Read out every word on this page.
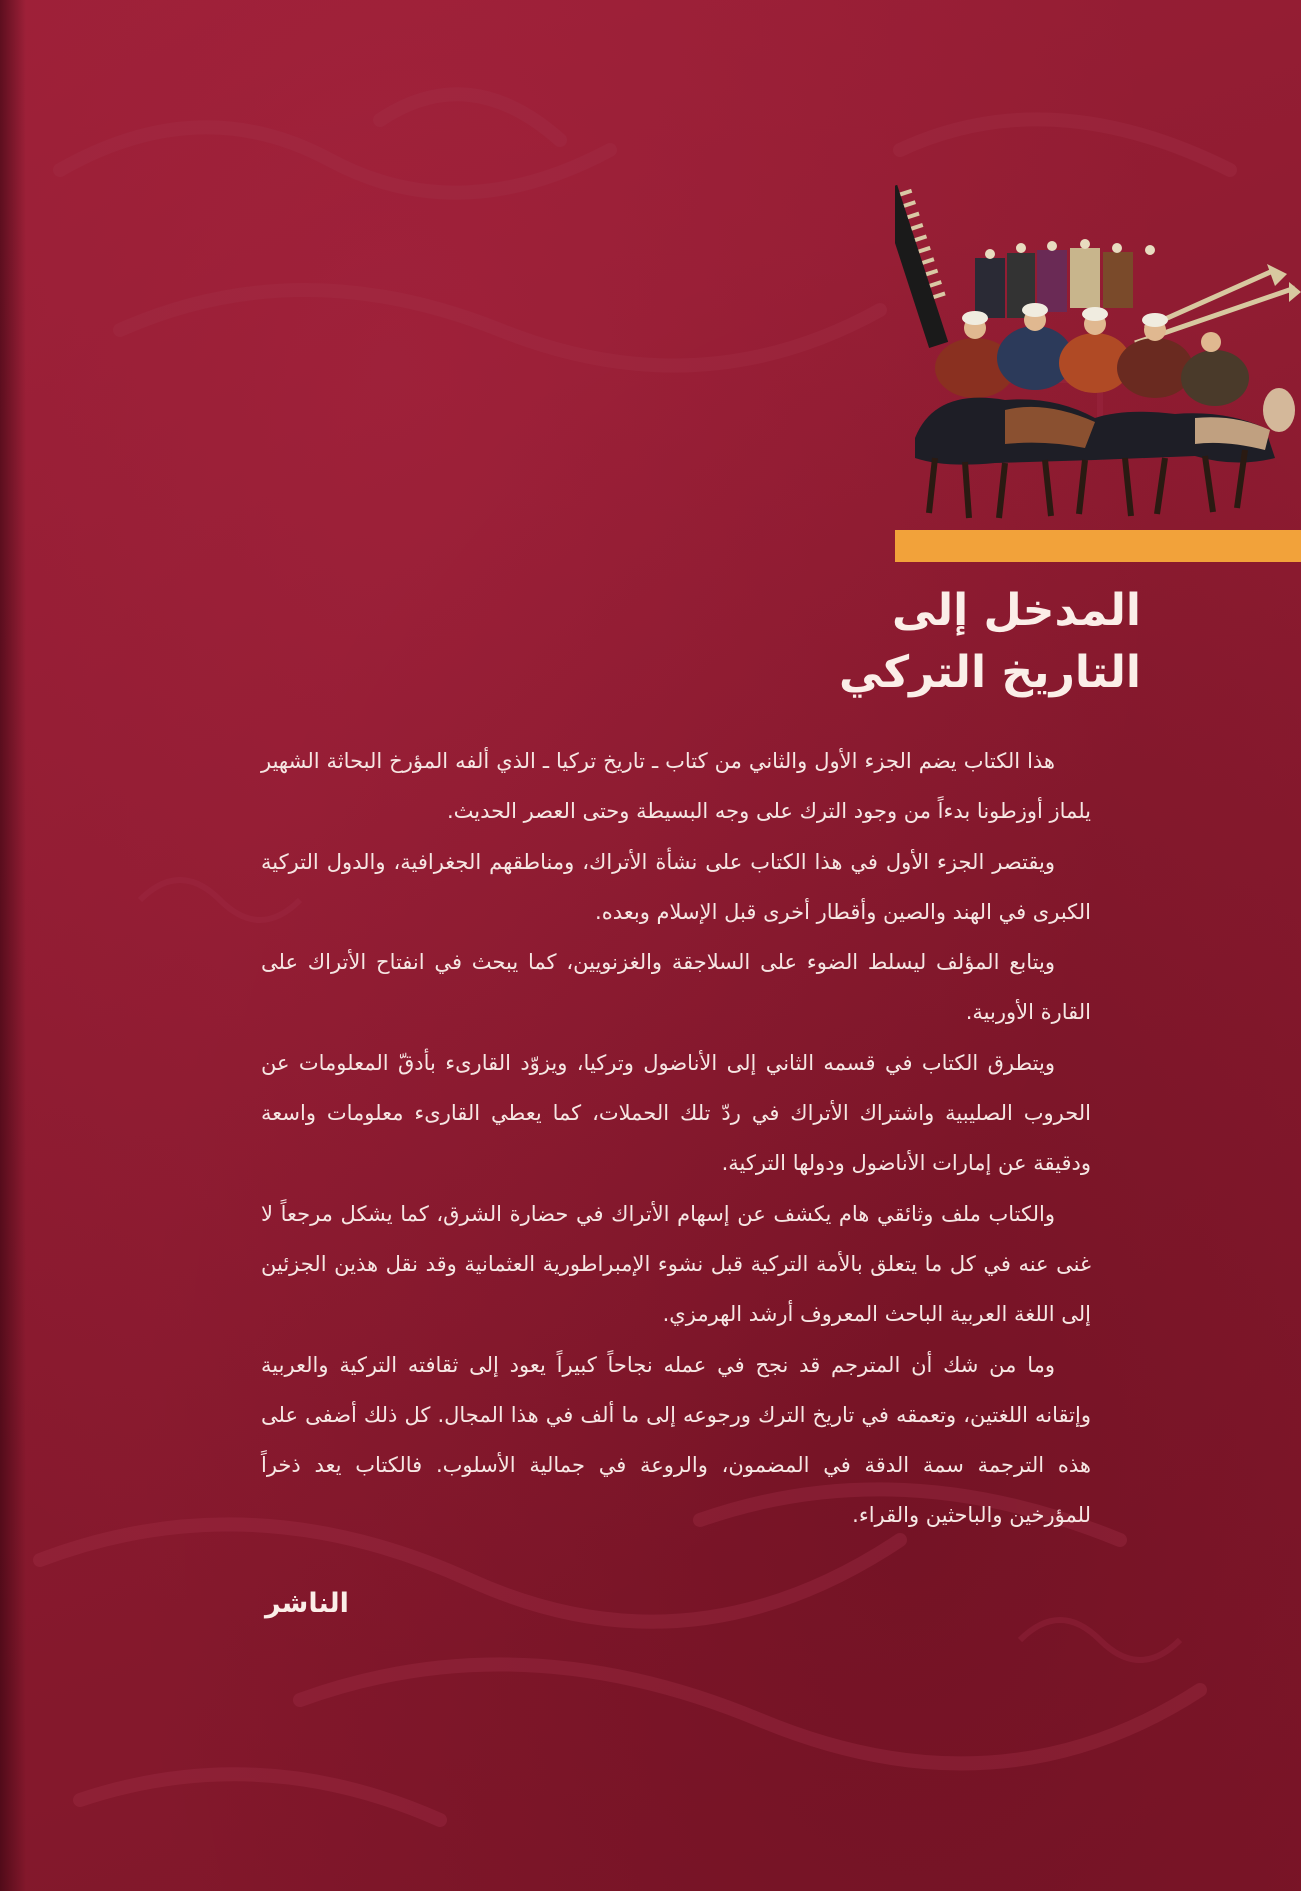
المدخل إلى
التاريخ التركي

هذا الكتاب يضم الجزء الأول والثاني من كتاب ـ تاريخ تركيا ـ الذي ألفه المؤرخ البحاثة الشهير يلماز أوزطونا بدءاً من وجود الترك على وجه البسيطة وحتى العصر الحديث.

ويقتصر الجزء الأول في هذا الكتاب على نشأة الأتراك، ومناطقهم الجغرافية، والدول التركية الكبرى في الهند والصين وأقطار أخرى قبل الإسلام وبعده.

ويتابع المؤلف ليسلط الضوء على السلاجقة والغزنويين، كما يبحث في انفتاح الأتراك على القارة الأوربية.

ويتطرق الكتاب في قسمه الثاني إلى الأناضول وتركيا، ويزوّد القارىء بأدقّ المعلومات عن الحروب الصليبية واشتراك الأتراك في ردّ تلك الحملات، كما يعطي القارىء معلومات واسعة ودقيقة عن إمارات الأناضول ودولها التركية.

والكتاب ملف وثائقي هام يكشف عن إسهام الأتراك في حضارة الشرق، كما يشكل مرجعاً لا غنى عنه في كل ما يتعلق بالأمة التركية قبل نشوء الإمبراطورية العثمانية وقد نقل هذين الجزئين إلى اللغة العربية الباحث المعروف أرشد الهرمزي.

وما من شك أن المترجم قد نجح في عمله نجاحاً كبيراً يعود إلى ثقافته التركية والعربية وإتقانه اللغتين، وتعمقه في تاريخ الترك ورجوعه إلى ما ألف في هذا المجال. كل ذلك أضفى على هذه الترجمة سمة الدقة في المضمون، والروعة في جمالية الأسلوب. فالكتاب يعد ذخراً للمؤرخين والباحثين والقراء.

الناشر
